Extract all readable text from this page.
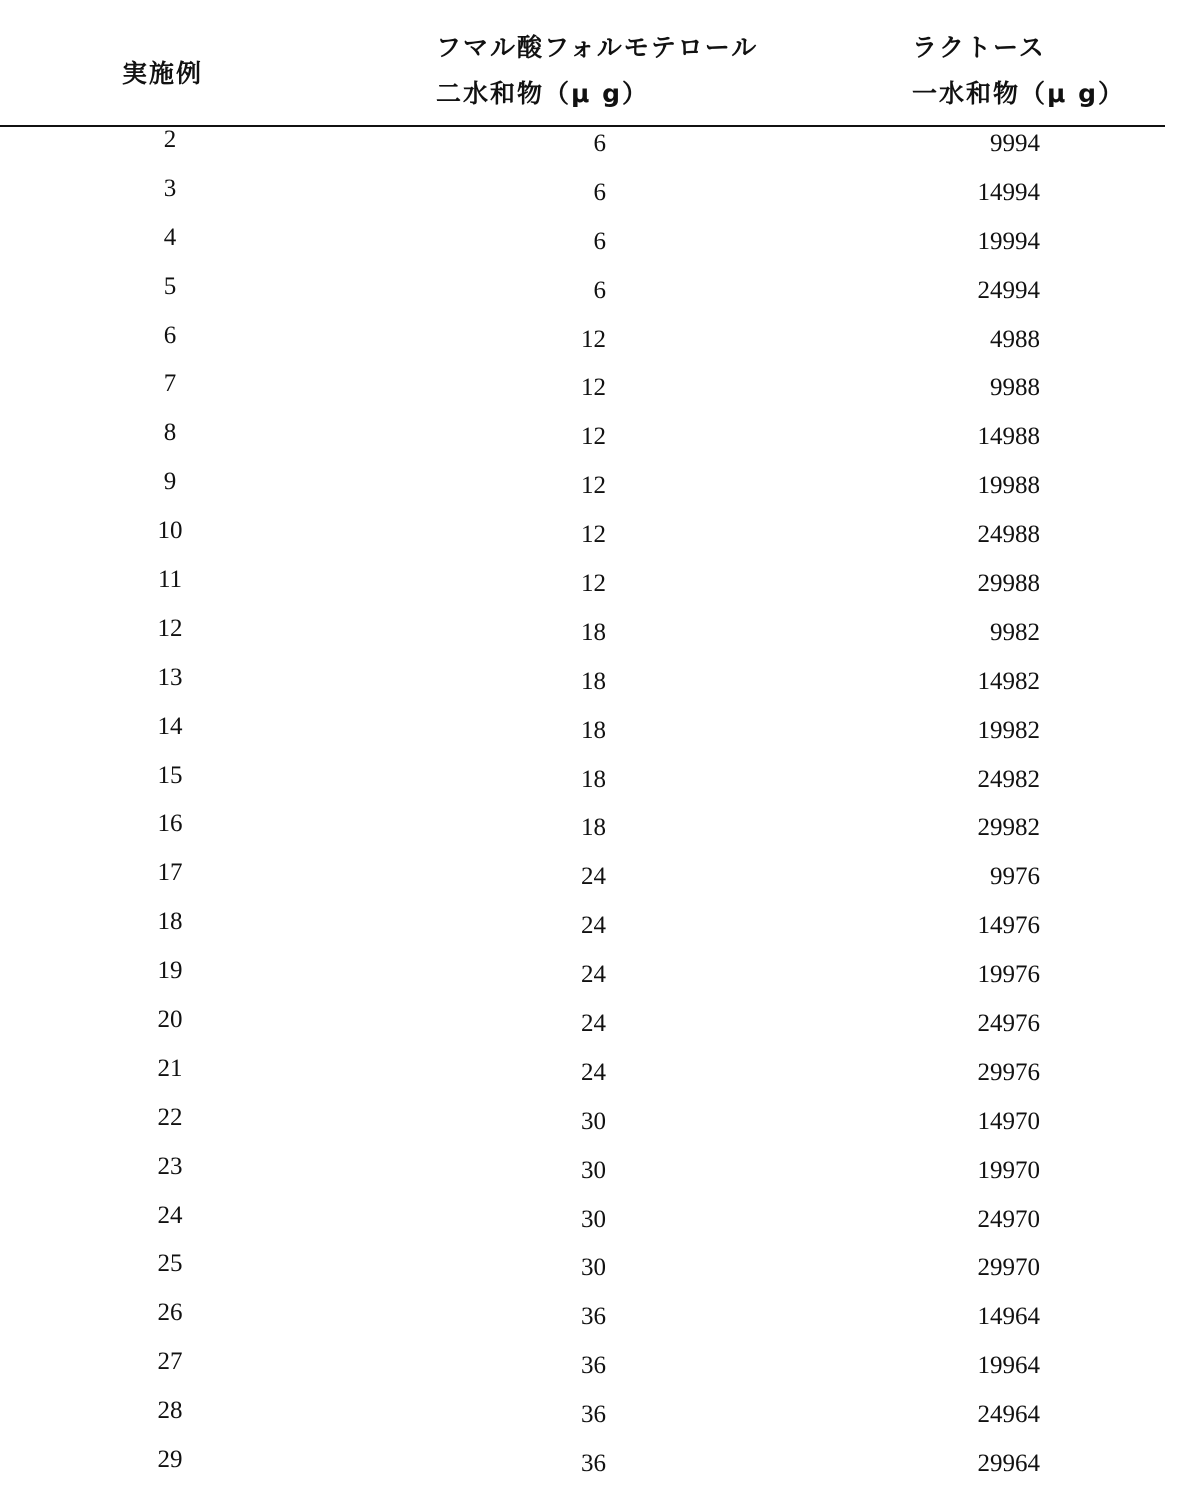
実施例
フマル酸フォルモテロール
二水和物（μ g）
ラクトース
一水和物（μ g）
2	6	9994
3	6	14994
4	6	19994
5	6	24994
6	12	4988
7	12	9988
8	12	14988
9	12	19988
10	12	24988
11	12	29988
12	18	9982
13	18	14982
14	18	19982
15	18	24982
16	18	29982
17	24	9976
18	24	14976
19	24	19976
20	24	24976
21	24	29976
22	30	14970
23	30	19970
24	30	24970
25	30	29970
26	36	14964
27	36	19964
28	36	24964
29	36	29964
